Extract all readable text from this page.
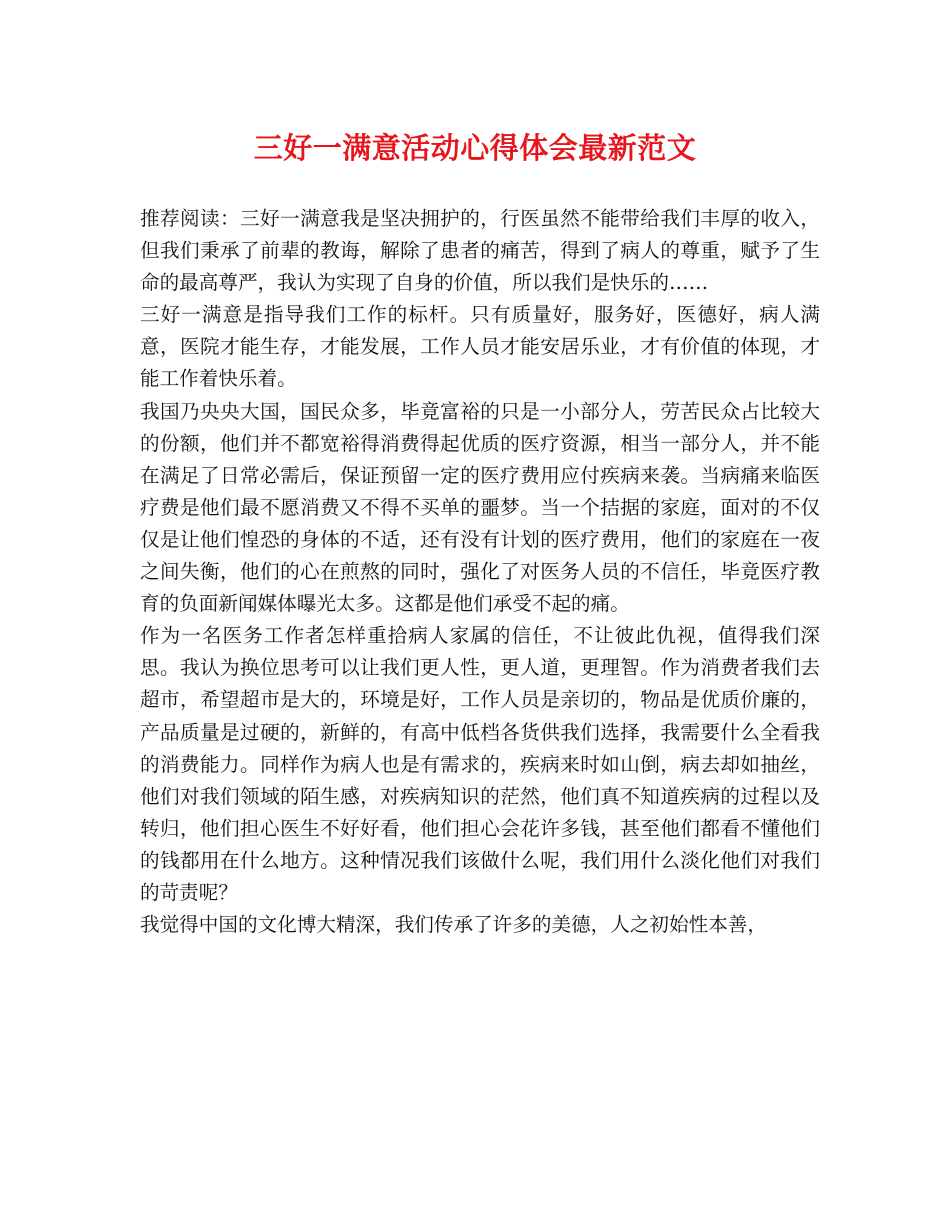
三好一满意活动心得体会最新范文

推荐阅读：三好一满意我是坚决拥护的，行医虽然不能带给我们丰厚的收入，但我们秉承了前辈的教诲，解除了患者的痛苦，得到了病人的尊重，赋予了生命的最高尊严，我认为实现了自身的价值，所以我们是快乐的……

三好一满意是指导我们工作的标杆。只有质量好，服务好，医德好，病人满意，医院才能生存，才能发展，工作人员才能安居乐业，才有价值的体现，才能工作着快乐着。

我国乃央央大国，国民众多，毕竟富裕的只是一小部分人，劳苦民众占比较大的份额，他们并不都宽裕得消费得起优质的医疗资源，相当一部分人，并不能在满足了日常必需后，保证预留一定的医疗费用应付疾病来袭。当病痛来临医疗费是他们最不愿消费又不得不买单的噩梦。当一个拮据的家庭，面对的不仅仅是让他们惶恐的身体的不适，还有没有计划的医疗费用，他们的家庭在一夜之间失衡，他们的心在煎熬的同时，强化了对医务人员的不信任，毕竟医疗教育的负面新闻媒体曝光太多。这都是他们承受不起的痛。

作为一名医务工作者怎样重拾病人家属的信任，不让彼此仇视，值得我们深思。我认为换位思考可以让我们更人性，更人道，更理智。作为消费者我们去超市，希望超市是大的，环境是好，工作人员是亲切的，物品是优质价廉的，产品质量是过硬的，新鲜的，有高中低档各货供我们选择，我需要什么全看我的消费能力。同样作为病人也是有需求的，疾病来时如山倒，病去却如抽丝，他们对我们领域的陌生感，对疾病知识的茫然，他们真不知道疾病的过程以及转归，他们担心医生不好好看，他们担心会花许多钱，甚至他们都看不懂他们的钱都用在什么地方。这种情况我们该做什么呢，我们用什么淡化他们对我们的苛责呢？

我觉得中国的文化博大精深，我们传承了许多的美德，人之初始性本善，
